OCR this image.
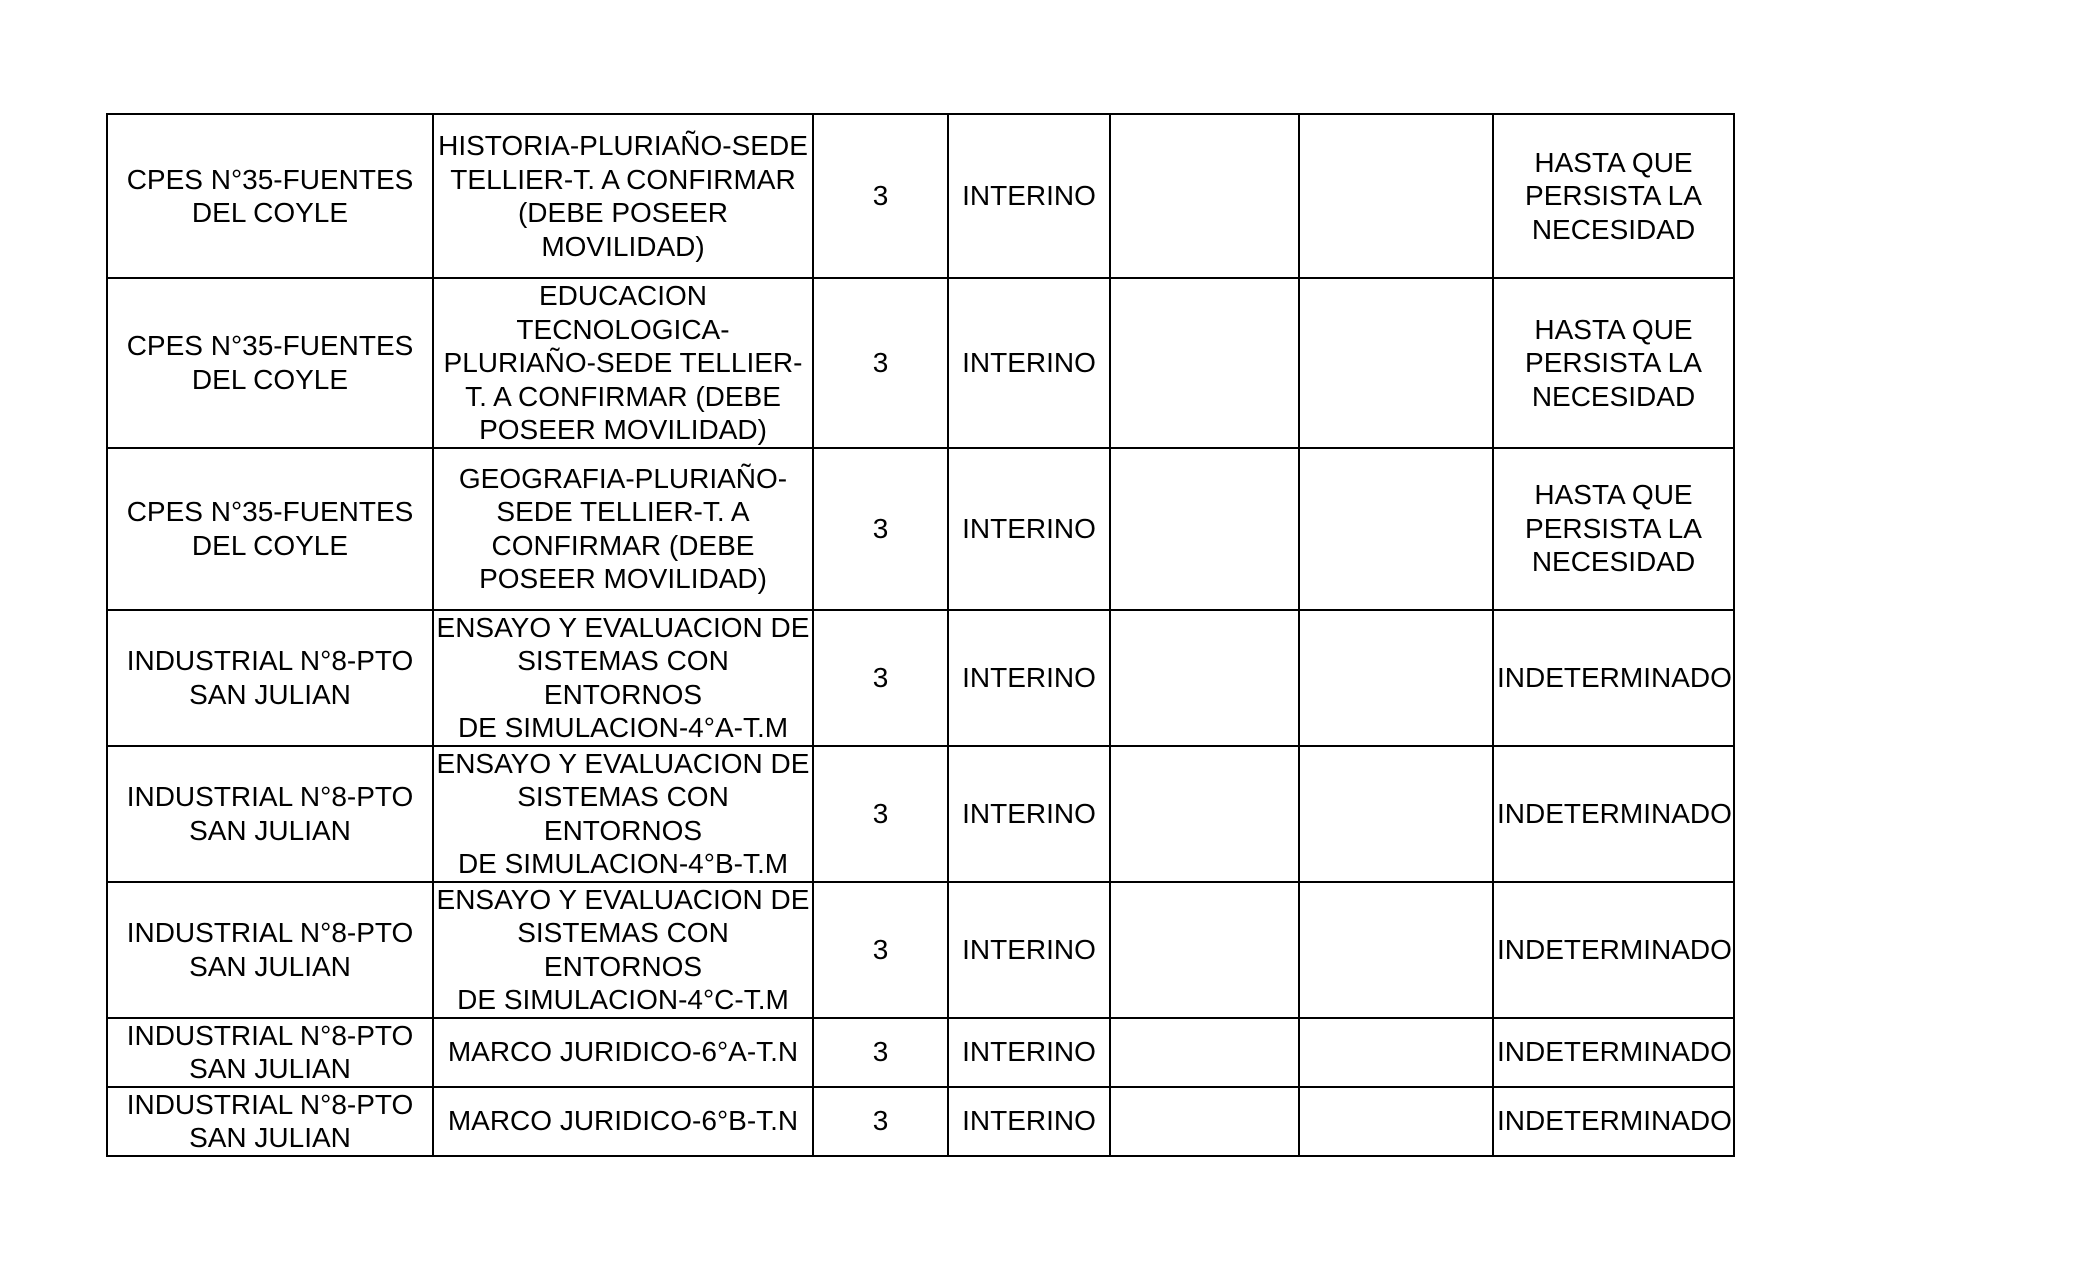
CPES N°35-FUENTES
DEL COYLE	HISTORIA-PLURIAÑO-SEDE
TELLIER-T. A CONFIRMAR
(DEBE POSEER MOVILIDAD)	3	INTERINO			HASTA QUE
PERSISTA LA
NECESIDAD
CPES N°35-FUENTES
DEL COYLE	EDUCACION TECNOLOGICA-
PLURIAÑO-SEDE TELLIER-
T. A CONFIRMAR (DEBE
POSEER MOVILIDAD)	3	INTERINO			HASTA QUE
PERSISTA LA
NECESIDAD
CPES N°35-FUENTES
DEL COYLE	GEOGRAFIA-PLURIAÑO-
SEDE TELLIER-T. A
CONFIRMAR (DEBE
POSEER MOVILIDAD)	3	INTERINO			HASTA QUE
PERSISTA LA
NECESIDAD
INDUSTRIAL N°8-PTO
SAN JULIAN	ENSAYO Y EVALUACION DE
SISTEMAS CON ENTORNOS
DE SIMULACION-4°A-T.M	3	INTERINO			INDETERMINADO
INDUSTRIAL N°8-PTO
SAN JULIAN	ENSAYO Y EVALUACION DE
SISTEMAS CON ENTORNOS
DE SIMULACION-4°B-T.M	3	INTERINO			INDETERMINADO
INDUSTRIAL N°8-PTO
SAN JULIAN	ENSAYO Y EVALUACION DE
SISTEMAS CON ENTORNOS
DE SIMULACION-4°C-T.M	3	INTERINO			INDETERMINADO
INDUSTRIAL N°8-PTO
SAN JULIAN	MARCO JURIDICO-6°A-T.N	3	INTERINO			INDETERMINADO
INDUSTRIAL N°8-PTO
SAN JULIAN	MARCO JURIDICO-6°B-T.N	3	INTERINO			INDETERMINADO
